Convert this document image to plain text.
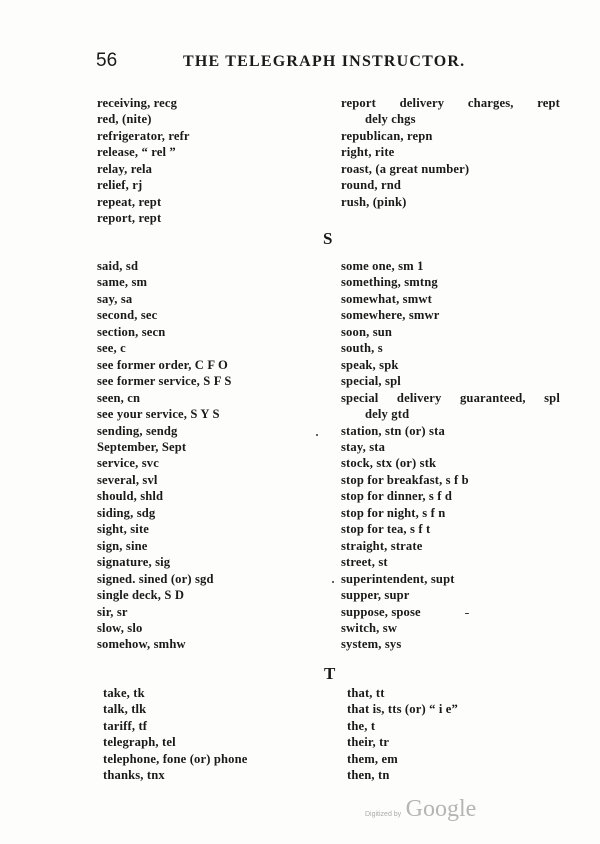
56	THE TELEGRAPH INSTRUCTOR.
receiving, recg
red, (nite)
refrigerator, refr
release, “ rel ”
relay, rela
relief, rj
repeat, rept
report, rept
report delivery charges, rept
dely chgs
republican, repn
right, rite
roast, (a great number)
round, rnd
rush, (pink)
S
said, sd
same, sm
say, sa
second, sec
section, secn
see, c
see former order, C F O
see former service, S F S
seen, cn
see your service, S Y S
sending, sendg
September, Sept
service, svc
several, svl
should, shld
siding, sdg
sight, site
sign, sine
signature, sig
signed. sined (or) sgd
single deck, S D
sir, sr
slow, slo
somehow, smhw
some one, sm 1
something, smtng
somewhat, smwt
somewhere, smwr
soon, sun
south, s
speak, spk
special, spl
special delivery guaranteed, spl
dely gtd
station, stn (or) sta
stay, sta
stock, stx (or) stk
stop for breakfast, s f b
stop for dinner, s f d
stop for night, s f n
stop for tea, s f t
straight, strate
street, st
superintendent, supt
supper, supr
suppose, spose
switch, sw
system, sys
T
take, tk
talk, tlk
tariff, tf
telegraph, tel
telephone, fone (or) phone
thanks, tnx
that, tt
that is, tts (or) “ i e”
the, t
their, tr
them, em
then, tn
Digitized by Google
